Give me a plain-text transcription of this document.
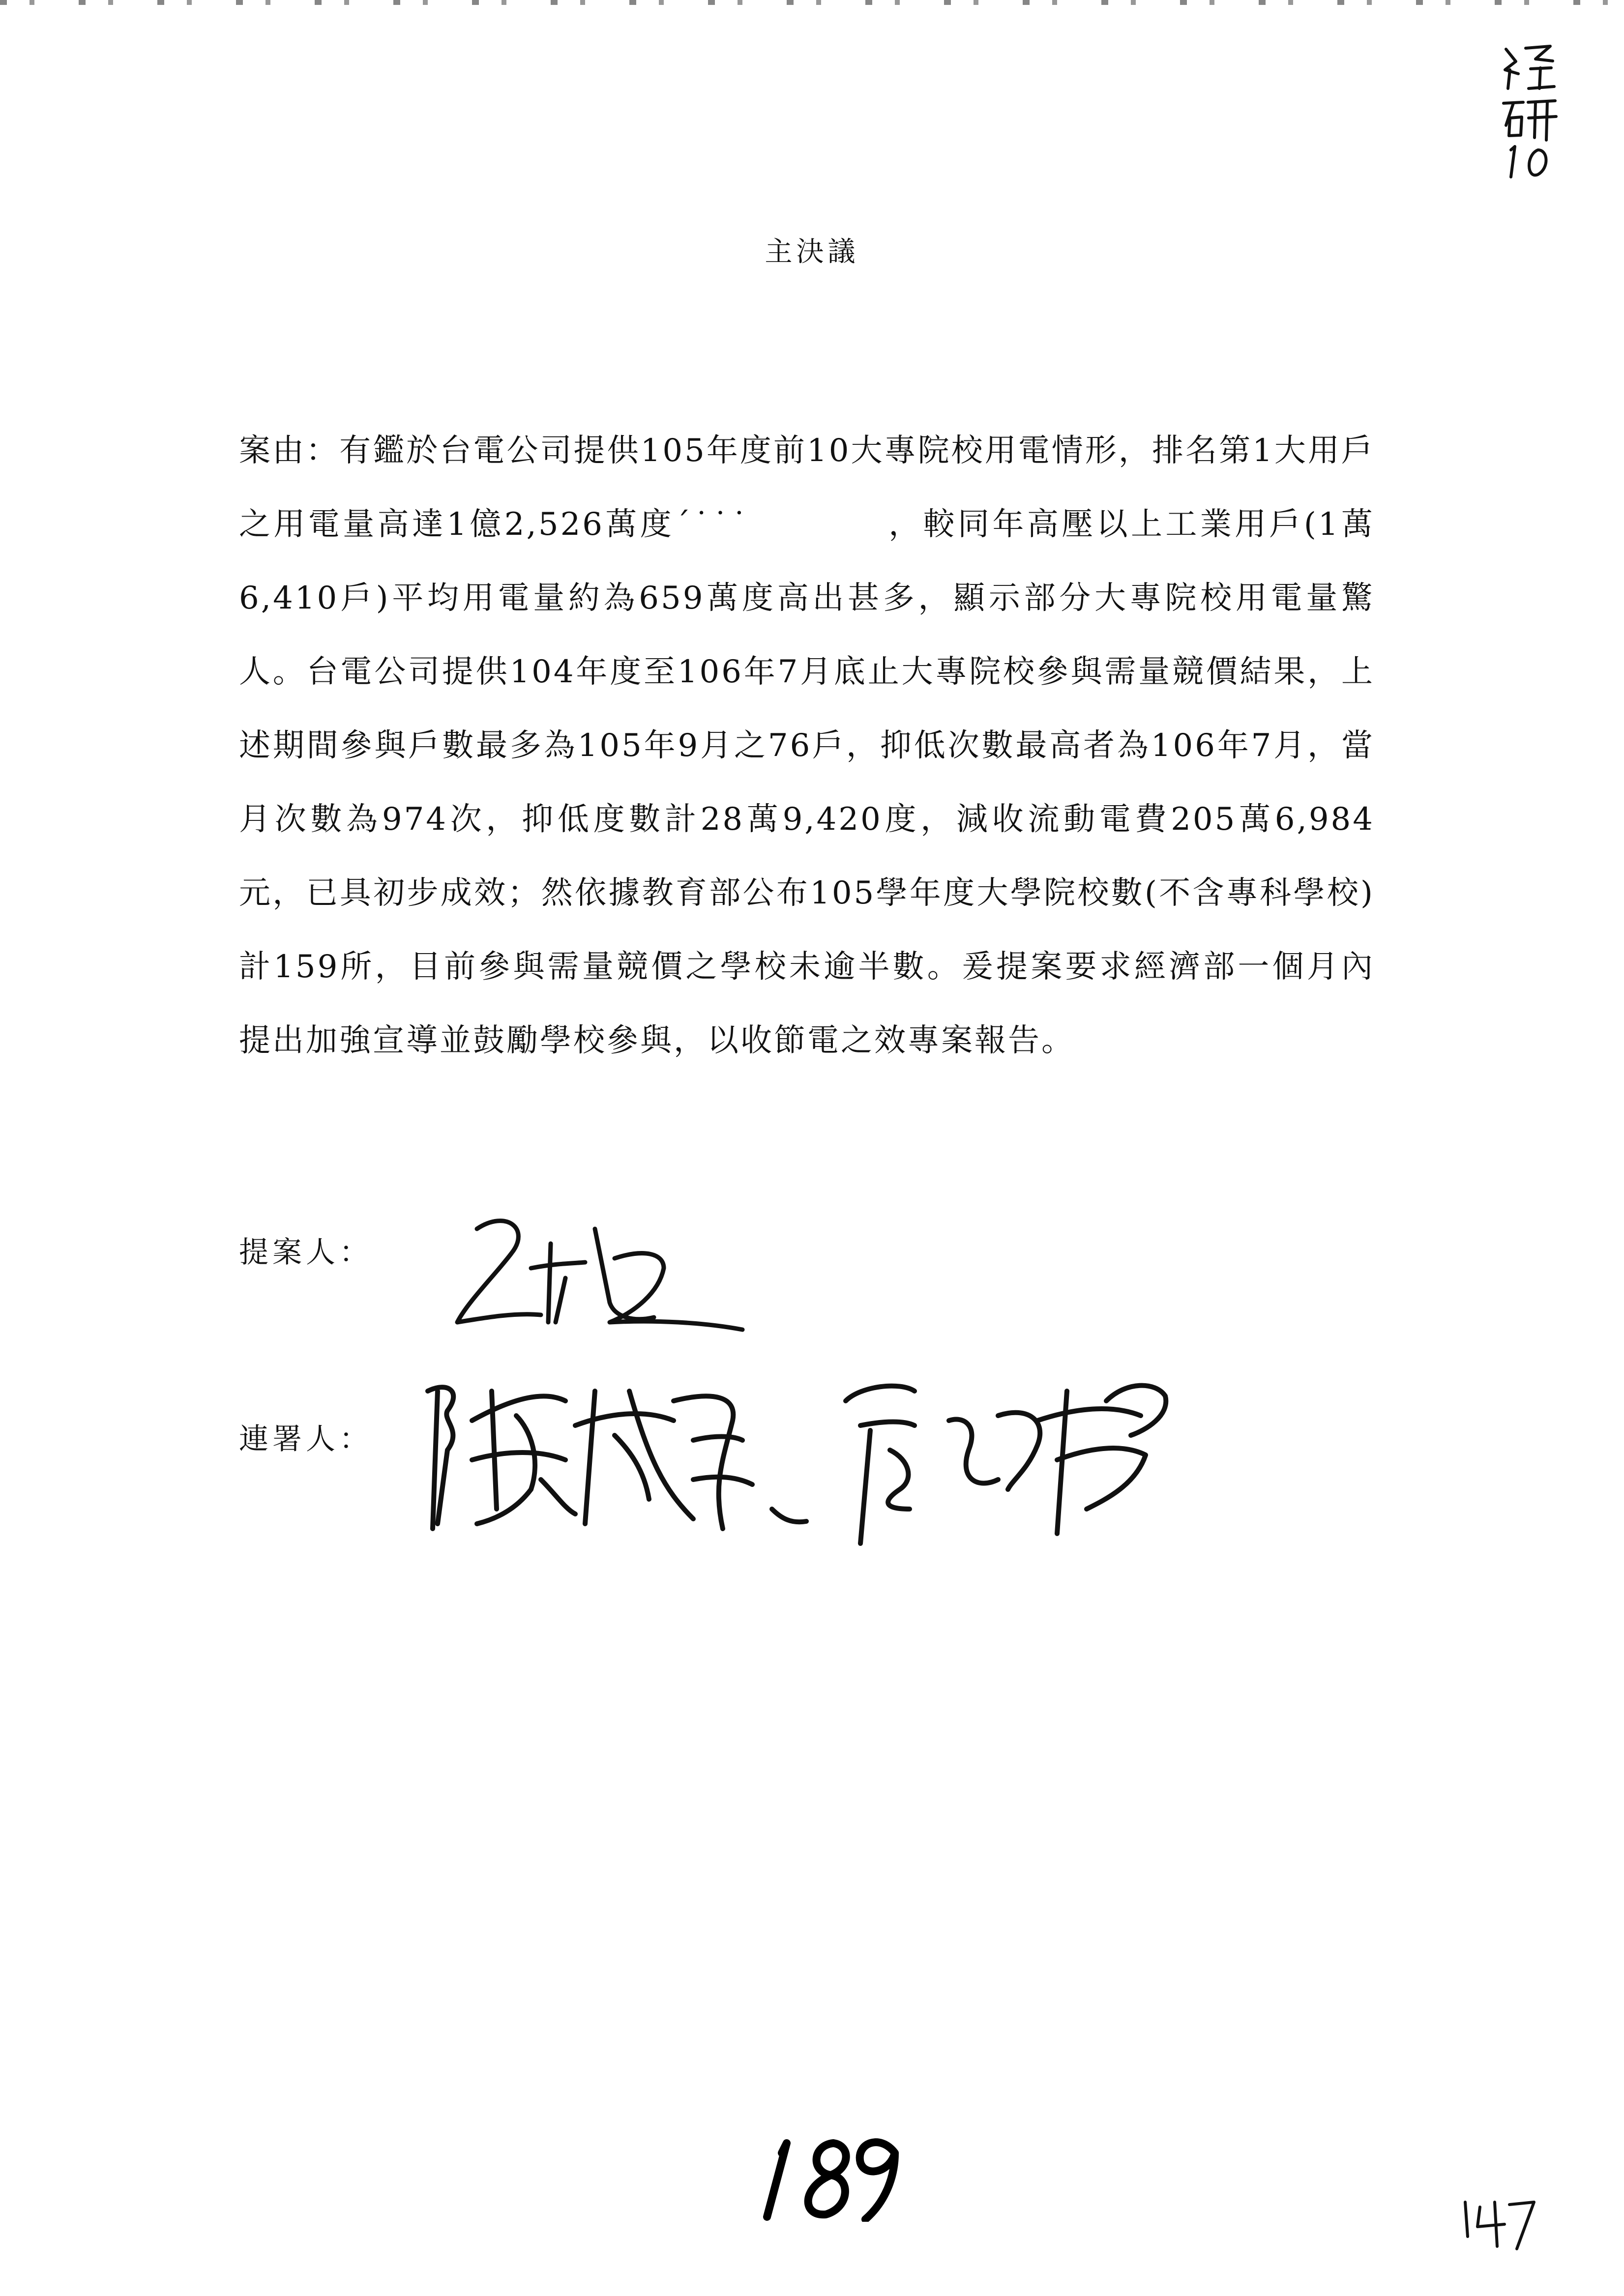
主決議
案由：有鑑於台電公司提供105年度前10大專院校用電情形，排名第1大用戶之用電量高達1億2,526萬度´˙˙˙　　　　，較同年高壓以上工業用戶(1萬6,410戶)平均用電量約為659萬度高出甚多，顯示部分大專院校用電量驚人。台電公司提供104年度至106年7月底止大專院校參與需量競價結果，上述期間參與戶數最多為105年9月之76戶，抑低次數最高者為106年7月，當月次數為974次，抑低度數計28萬9,420度，減收流動電費205萬6,984元，已具初步成效；然依據教育部公布105學年度大學院校數(不含專科學校)計159所，目前參與需量競價之學校未逾半數。爰提案要求經濟部一個月內提出加強宣導並鼓勵學校參與，以收節電之效專案報告。
提案人：
連署人：
